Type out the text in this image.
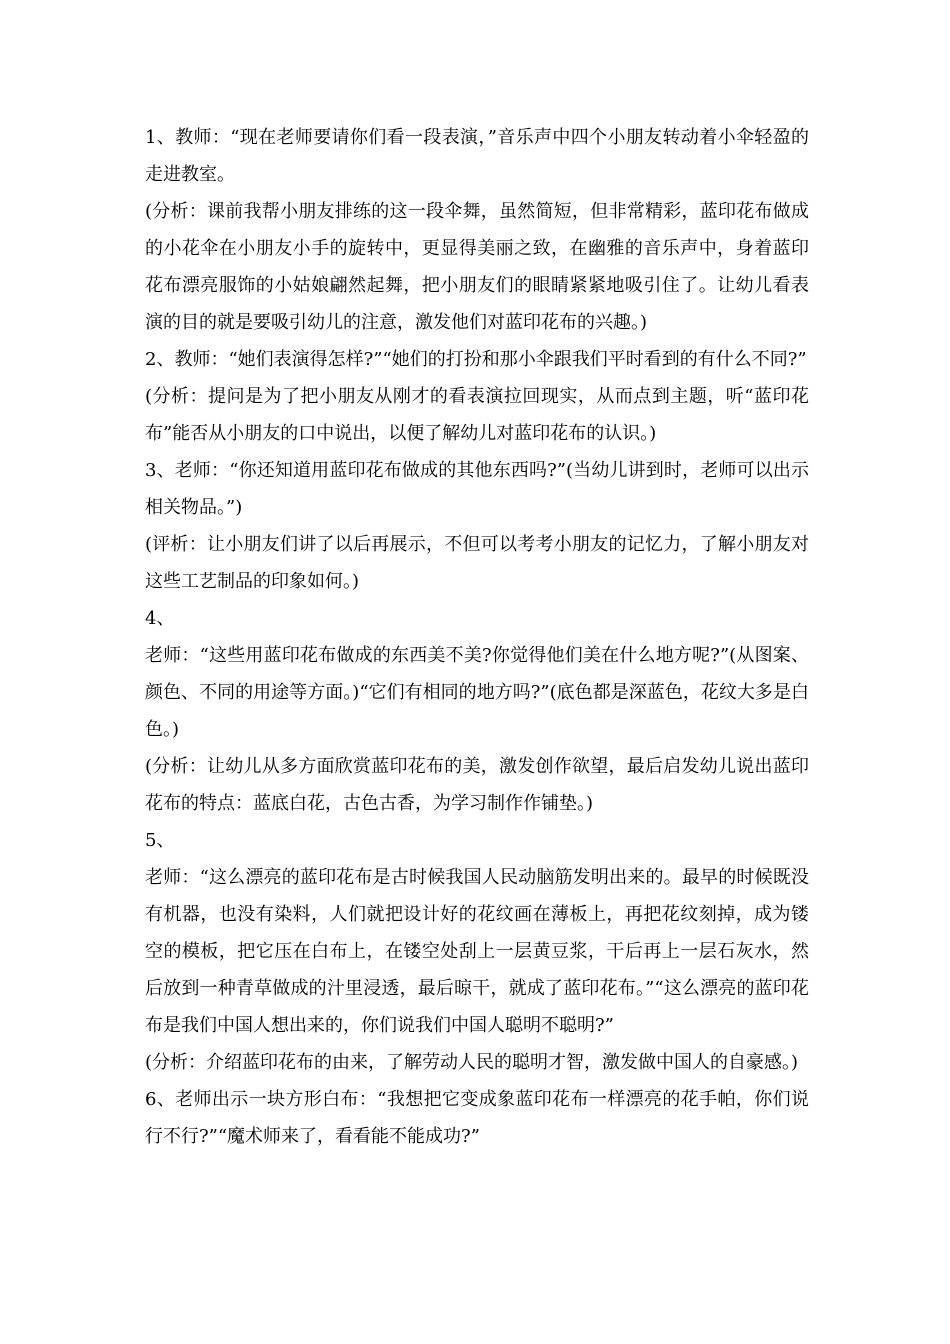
1、教师：“现在老师要请你们看一段表演，”音乐声中四个小朋友转动着小伞轻盈的走进教室。

(分析：课前我帮小朋友排练的这一段伞舞，虽然简短，但非常精彩，蓝印花布做成的小花伞在小朋友小手的旋转中，更显得美丽之致，在幽雅的音乐声中，身着蓝印花布漂亮服饰的小姑娘翩然起舞，把小朋友们的眼睛紧紧地吸引住了。让幼儿看表演的目的就是要吸引幼儿的注意，激发他们对蓝印花布的兴趣。)

2、教师：“她们表演得怎样?”“她们的打扮和那小伞跟我们平时看到的有什么不同?”

(分析：提问是为了把小朋友从刚才的看表演拉回现实，从而点到主题，听“蓝印花布”能否从小朋友的口中说出，以便了解幼儿对蓝印花布的认识。)

3、老师：“你还知道用蓝印花布做成的其他东西吗?”(当幼儿讲到时，老师可以出示相关物品。”)

(评析：让小朋友们讲了以后再展示，不但可以考考小朋友的记忆力，了解小朋友对这些工艺制品的印象如何。)

4、

老师：“这些用蓝印花布做成的东西美不美?你觉得他们美在什么地方呢?”(从图案、颜色、不同的用途等方面。)“它们有相同的地方吗?”(底色都是深蓝色，花纹大多是白色。)

(分析：让幼儿从多方面欣赏蓝印花布的美，激发创作欲望，最后启发幼儿说出蓝印花布的特点：蓝底白花，古色古香，为学习制作作铺垫。)

5、

老师：“这么漂亮的蓝印花布是古时候我国人民动脑筋发明出来的。最早的时候既没有机器，也没有染料，人们就把设计好的花纹画在薄板上，再把花纹刻掉，成为镂空的模板，把它压在白布上，在镂空处刮上一层黄豆浆，干后再上一层石灰水，然后放到一种青草做成的汁里浸透，最后晾干，就成了蓝印花布。”“这么漂亮的蓝印花布是我们中国人想出来的，你们说我们中国人聪明不聪明?”

(分析：介绍蓝印花布的由来，了解劳动人民的聪明才智，激发做中国人的自豪感。)

6、老师出示一块方形白布：“我想把它变成象蓝印花布一样漂亮的花手帕，你们说行不行?”“魔术师来了，看看能不能成功?”
